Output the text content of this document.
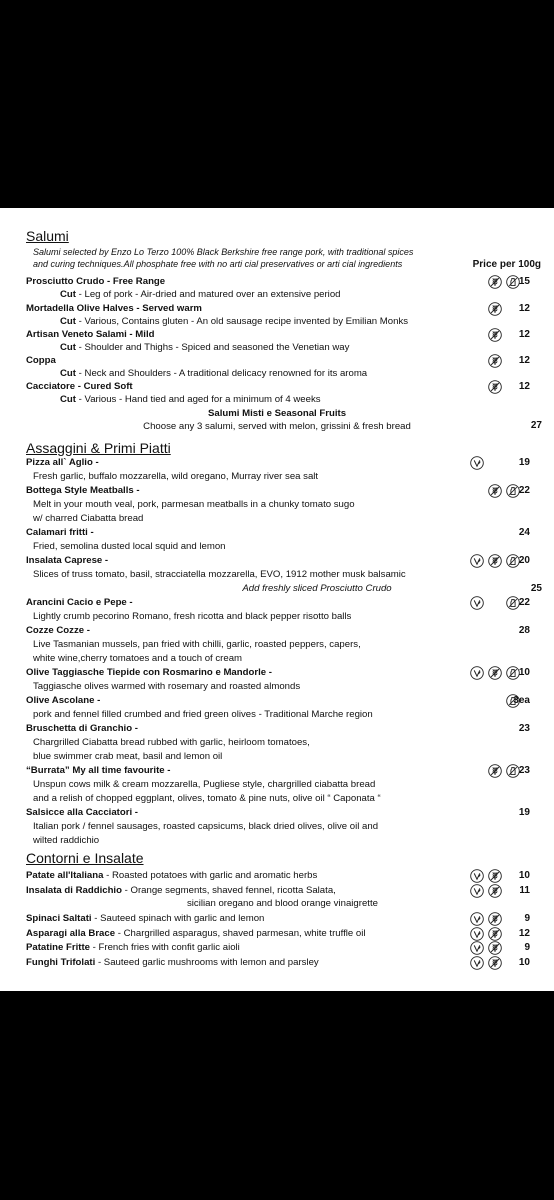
Salumi
Salumi selected by Enzo Lo Terzo 100% Black Berkshire free range pork, with traditional spices
and curing techniques.All phosphate free with no arti cial preservatives or arti cial ingredients	Price per 100g
Prosciutto Crudo - Free Range	15
Cut - Leg of pork - Air-dried and matured over an extensive period
Mortadella Olive Halves - Served warm	12
Cut - Various, Contains gluten - An old sausage recipe invented by Emilian Monks
Artisan Veneto Salami - Mild	12
Cut - Shoulder and Thighs - Spiced and seasoned the Venetian way
Coppa	12
Cut - Neck and Shoulders - A traditional delicacy renowned for its aroma
Cacciatore - Cured Soft	12
Cut - Various - Hand tied and aged for a minimum of 4 weeks
Salumi Misti e Seasonal Fruits
Choose any 3 salumi, served with melon, grissini & fresh bread	27
Assaggini & Primi Piatti
Pizza all` Aglio -	19
Fresh garlic, buffalo mozzarella, wild oregano, Murray river sea salt
Bottega Style Meatballs -	22
Melt in your mouth veal, pork, parmesan meatballs in a chunky tomato sugo
w/ charred Ciabatta bread
Calamari fritti -	24
Fried, semolina dusted local squid and lemon
Insalata Caprese -	20
Slices of truss tomato, basil, stracciatella mozzarella, EVO, 1912 mother musk balsamic
Add freshly sliced Prosciutto Crudo	25
Arancini Cacio e Pepe -	22
Lightly crumb pecorino Romano, fresh ricotta and black pepper risotto balls
Cozze Cozze -	28
Live Tasmanian mussels, pan fried with chilli, garlic, roasted peppers, capers,
white wine,cherry tomatoes and a touch of cream
Olive Taggiasche Tiepide con Rosmarino e Mandorle -	10
Taggiasche olives warmed with rosemary and roasted almonds
Olive Ascolane -	3ea
pork and fennel filled crumbed and fried green olives - Traditional Marche region
Bruschetta di Granchio -	23
Chargrilled Ciabatta bread rubbed with garlic, heirloom tomatoes,
blue swimmer crab meat, basil and lemon oil
“Burrata” My all time favourite -	23
Unspun cows milk & cream mozzarella, Pugliese style, chargrilled ciabatta bread
and a relish of chopped eggplant, olives, tomato & pine nuts, olive oil “ Caponata “
Salsicce alla Cacciatori -	19
Italian pork / fennel sausages, roasted capsicums, black dried olives, olive oil and
wilted raddichio
Contorni e Insalate
Patate all'Italiana - Roasted potatoes with garlic and aromatic herbs	10
Insalata di Raddichio - Orange segments, shaved fennel, ricotta Salata,	11
sicilian oregano and blood orange vinaigrette
Spinaci Saltati - Sauteed spinach with garlic and lemon	9
Asparagi alla Brace - Chargrilled asparagus, shaved parmesan, white truffle oil	12
Patatine Fritte - French fries with confit garlic aioli	9
Funghi Trifolati - Sauteed garlic mushrooms with lemon and parsley	10
